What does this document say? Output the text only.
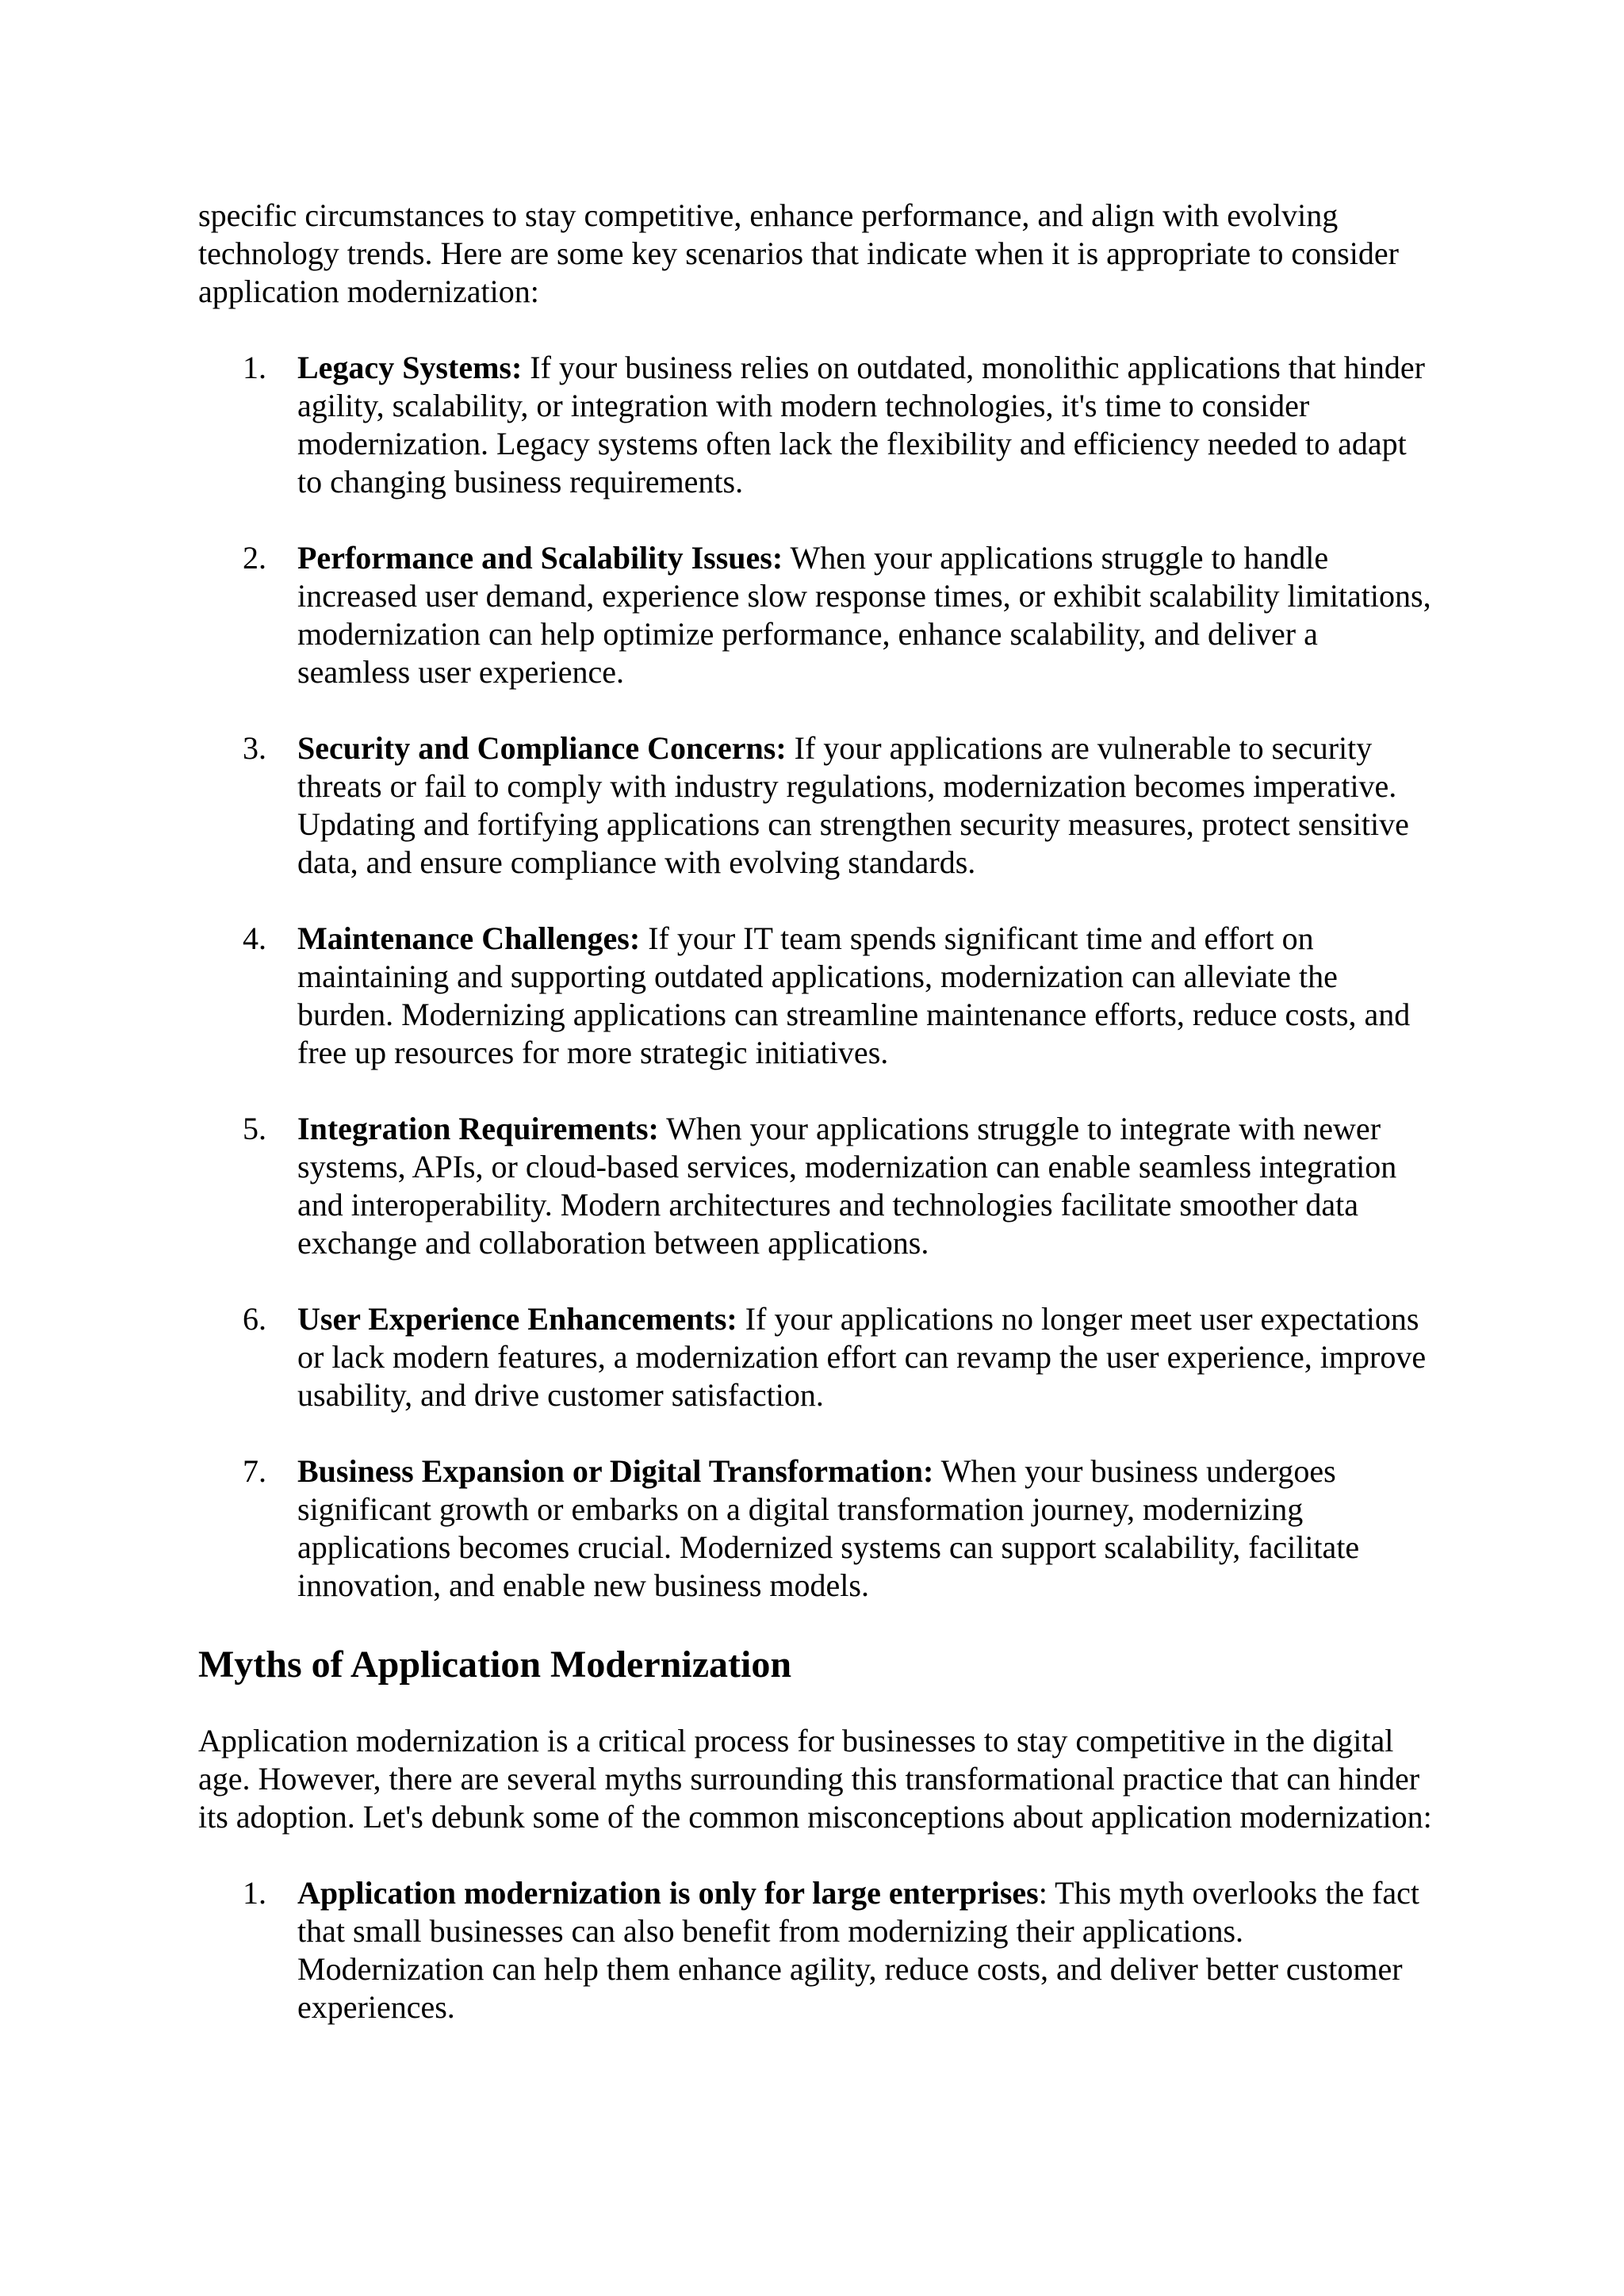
specific circumstances to stay competitive, enhance performance, and align with evolving technology trends. Here are some key scenarios that indicate when it is appropriate to consider application modernization:

1. Legacy Systems: If your business relies on outdated, monolithic applications that hinder agility, scalability, or integration with modern technologies, it's time to consider modernization. Legacy systems often lack the flexibility and efficiency needed to adapt to changing business requirements.
2. Performance and Scalability Issues: When your applications struggle to handle increased user demand, experience slow response times, or exhibit scalability limitations, modernization can help optimize performance, enhance scalability, and deliver a seamless user experience.
3. Security and Compliance Concerns: If your applications are vulnerable to security threats or fail to comply with industry regulations, modernization becomes imperative. Updating and fortifying applications can strengthen security measures, protect sensitive data, and ensure compliance with evolving standards.
4. Maintenance Challenges: If your IT team spends significant time and effort on maintaining and supporting outdated applications, modernization can alleviate the burden. Modernizing applications can streamline maintenance efforts, reduce costs, and free up resources for more strategic initiatives.
5. Integration Requirements: When your applications struggle to integrate with newer systems, APIs, or cloud-based services, modernization can enable seamless integration and interoperability. Modern architectures and technologies facilitate smoother data exchange and collaboration between applications.
6. User Experience Enhancements: If your applications no longer meet user expectations or lack modern features, a modernization effort can revamp the user experience, improve usability, and drive customer satisfaction.
7. Business Expansion or Digital Transformation: When your business undergoes significant growth or embarks on a digital transformation journey, modernizing applications becomes crucial. Modernized systems can support scalability, facilitate innovation, and enable new business models.
Myths of Application Modernization

Application modernization is a critical process for businesses to stay competitive in the digital age. However, there are several myths surrounding this transformational practice that can hinder its adoption. Let's debunk some of the common misconceptions about application modernization:

1. Application modernization is only for large enterprises: This myth overlooks the fact that small businesses can also benefit from modernizing their applications. Modernization can help them enhance agility, reduce costs, and deliver better customer experiences.
